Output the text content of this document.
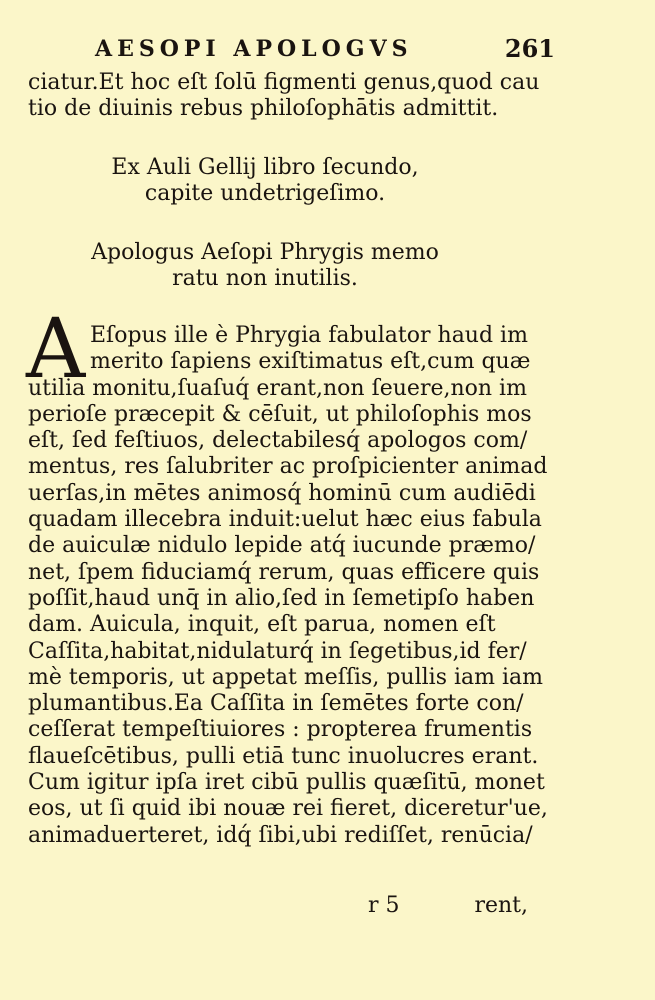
AESOPI APOLOGVS	261
ciatur.Et hoc eſt ſolū figmenti genus,quod cau
tio de diuinis rebus philoſophātis admittit.
Ex Auli Gellij libro ſecundo,
capite undetrigeſimo.
Apologus Aeſopi Phrygis memo
ratu non inutilis.
A Eſopus ille è Phrygia fabulator haud im
merito ſapiens exiſtimatus eſt,cum quæ
utilia monitu,ſuaſuq́ erant,non ſeuere,non im
perioſe præcepit & cēſuit, ut philoſophis mos
eſt, ſed feſtiuos, delectabilesq́ apologos com/
mentus, res ſalubriter ac proſpicienter animad
uerſas,in mētes animosq́ hominū cum audiēdi
quadam illecebra induit:uelut hæc eius fabula
de auiculæ nidulo lepide atq́ iucunde præmo/
net, ſpem fiduciamq́ rerum, quas efficere quis
poſſit,haud unq̄ in alio,ſed in ſemetipſo haben
dam. Auicula, inquit, eſt parua, nomen eſt
Caſſita,habitat,nidulaturq́ in ſegetibus,id fer/
mè temporis, ut appetat meſſis, pullis iam iam
plumantibus.Ea Caſſita in ſemētes forte con/
ceſſerat tempeſtiuiores : propterea frumentis
flaueſcētibus, pulli etiā tunc inuolucres erant.
Cum igitur ipſa iret cibū pullis quæſitū, monet
eos, ut ſi quid ibi nouæ rei fieret, diceretur'ue,
animaduerteret, idq́ ſibi,ubi rediſſet, renūcia/
r 5	rent,
